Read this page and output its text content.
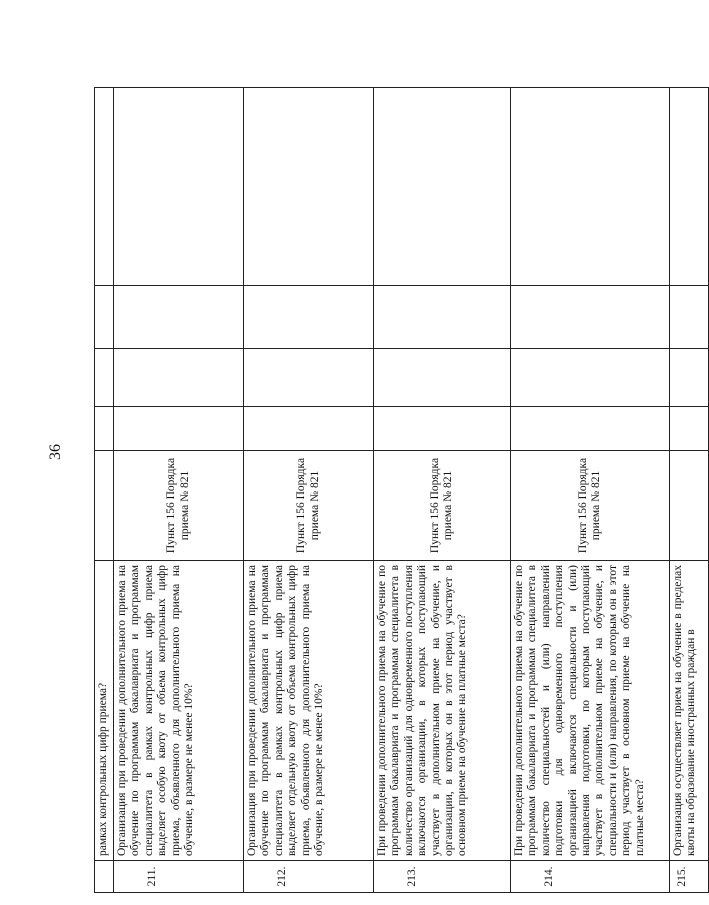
36
	рамках контрольных цифр приема?					
211.	Организация при проведении дополнительного приема на обучение по программам бакалавриата и программам специалитета в рамках контрольных цифр приема выделяет особую квоту от объема контрольных цифр приема, объявленного для дополнительного приема на обучение, в размере не менее 10%?	Пункт 156 Порядка приема № 821				
212.	Организация при проведении дополнительного приема на обучение по программам бакалавриата и программам специалитета в рамках контрольных цифр приема выделяет отдельную квоту от объема контрольных цифр приема, объявленного для дополнительного приема на обучение, в размере не менее 10%?	Пункт 156 Порядка приема № 821				
213.	При проведении дополнительного приема на обучение по программам бакалавриата и программам специалитета в количество организаций для одновременного поступления включаются организации, в которых поступающий участвует в дополнительном приеме на обучение, и организации, в которых он в этот период участвует в основном приеме на обучение на платные места?	Пункт 156 Порядка приема № 821				
214.	При проведении дополнительного приема на обучение по программам бакалавриата и программам специалитета в количество специальностей и (или) направлений подготовки для одновременного поступления организацией включаются специальности и (или) направления подготовки, по которым поступающий участвует в дополнительном приеме на обучение, и специальности и (или) направления, по которым он в этот период участвует в основном приеме на обучение на платные места?	Пункт 156 Порядка приема № 821				
215.	Организация осуществляет прием на обучение в пределах квоты на образование иностранных граждан в					
